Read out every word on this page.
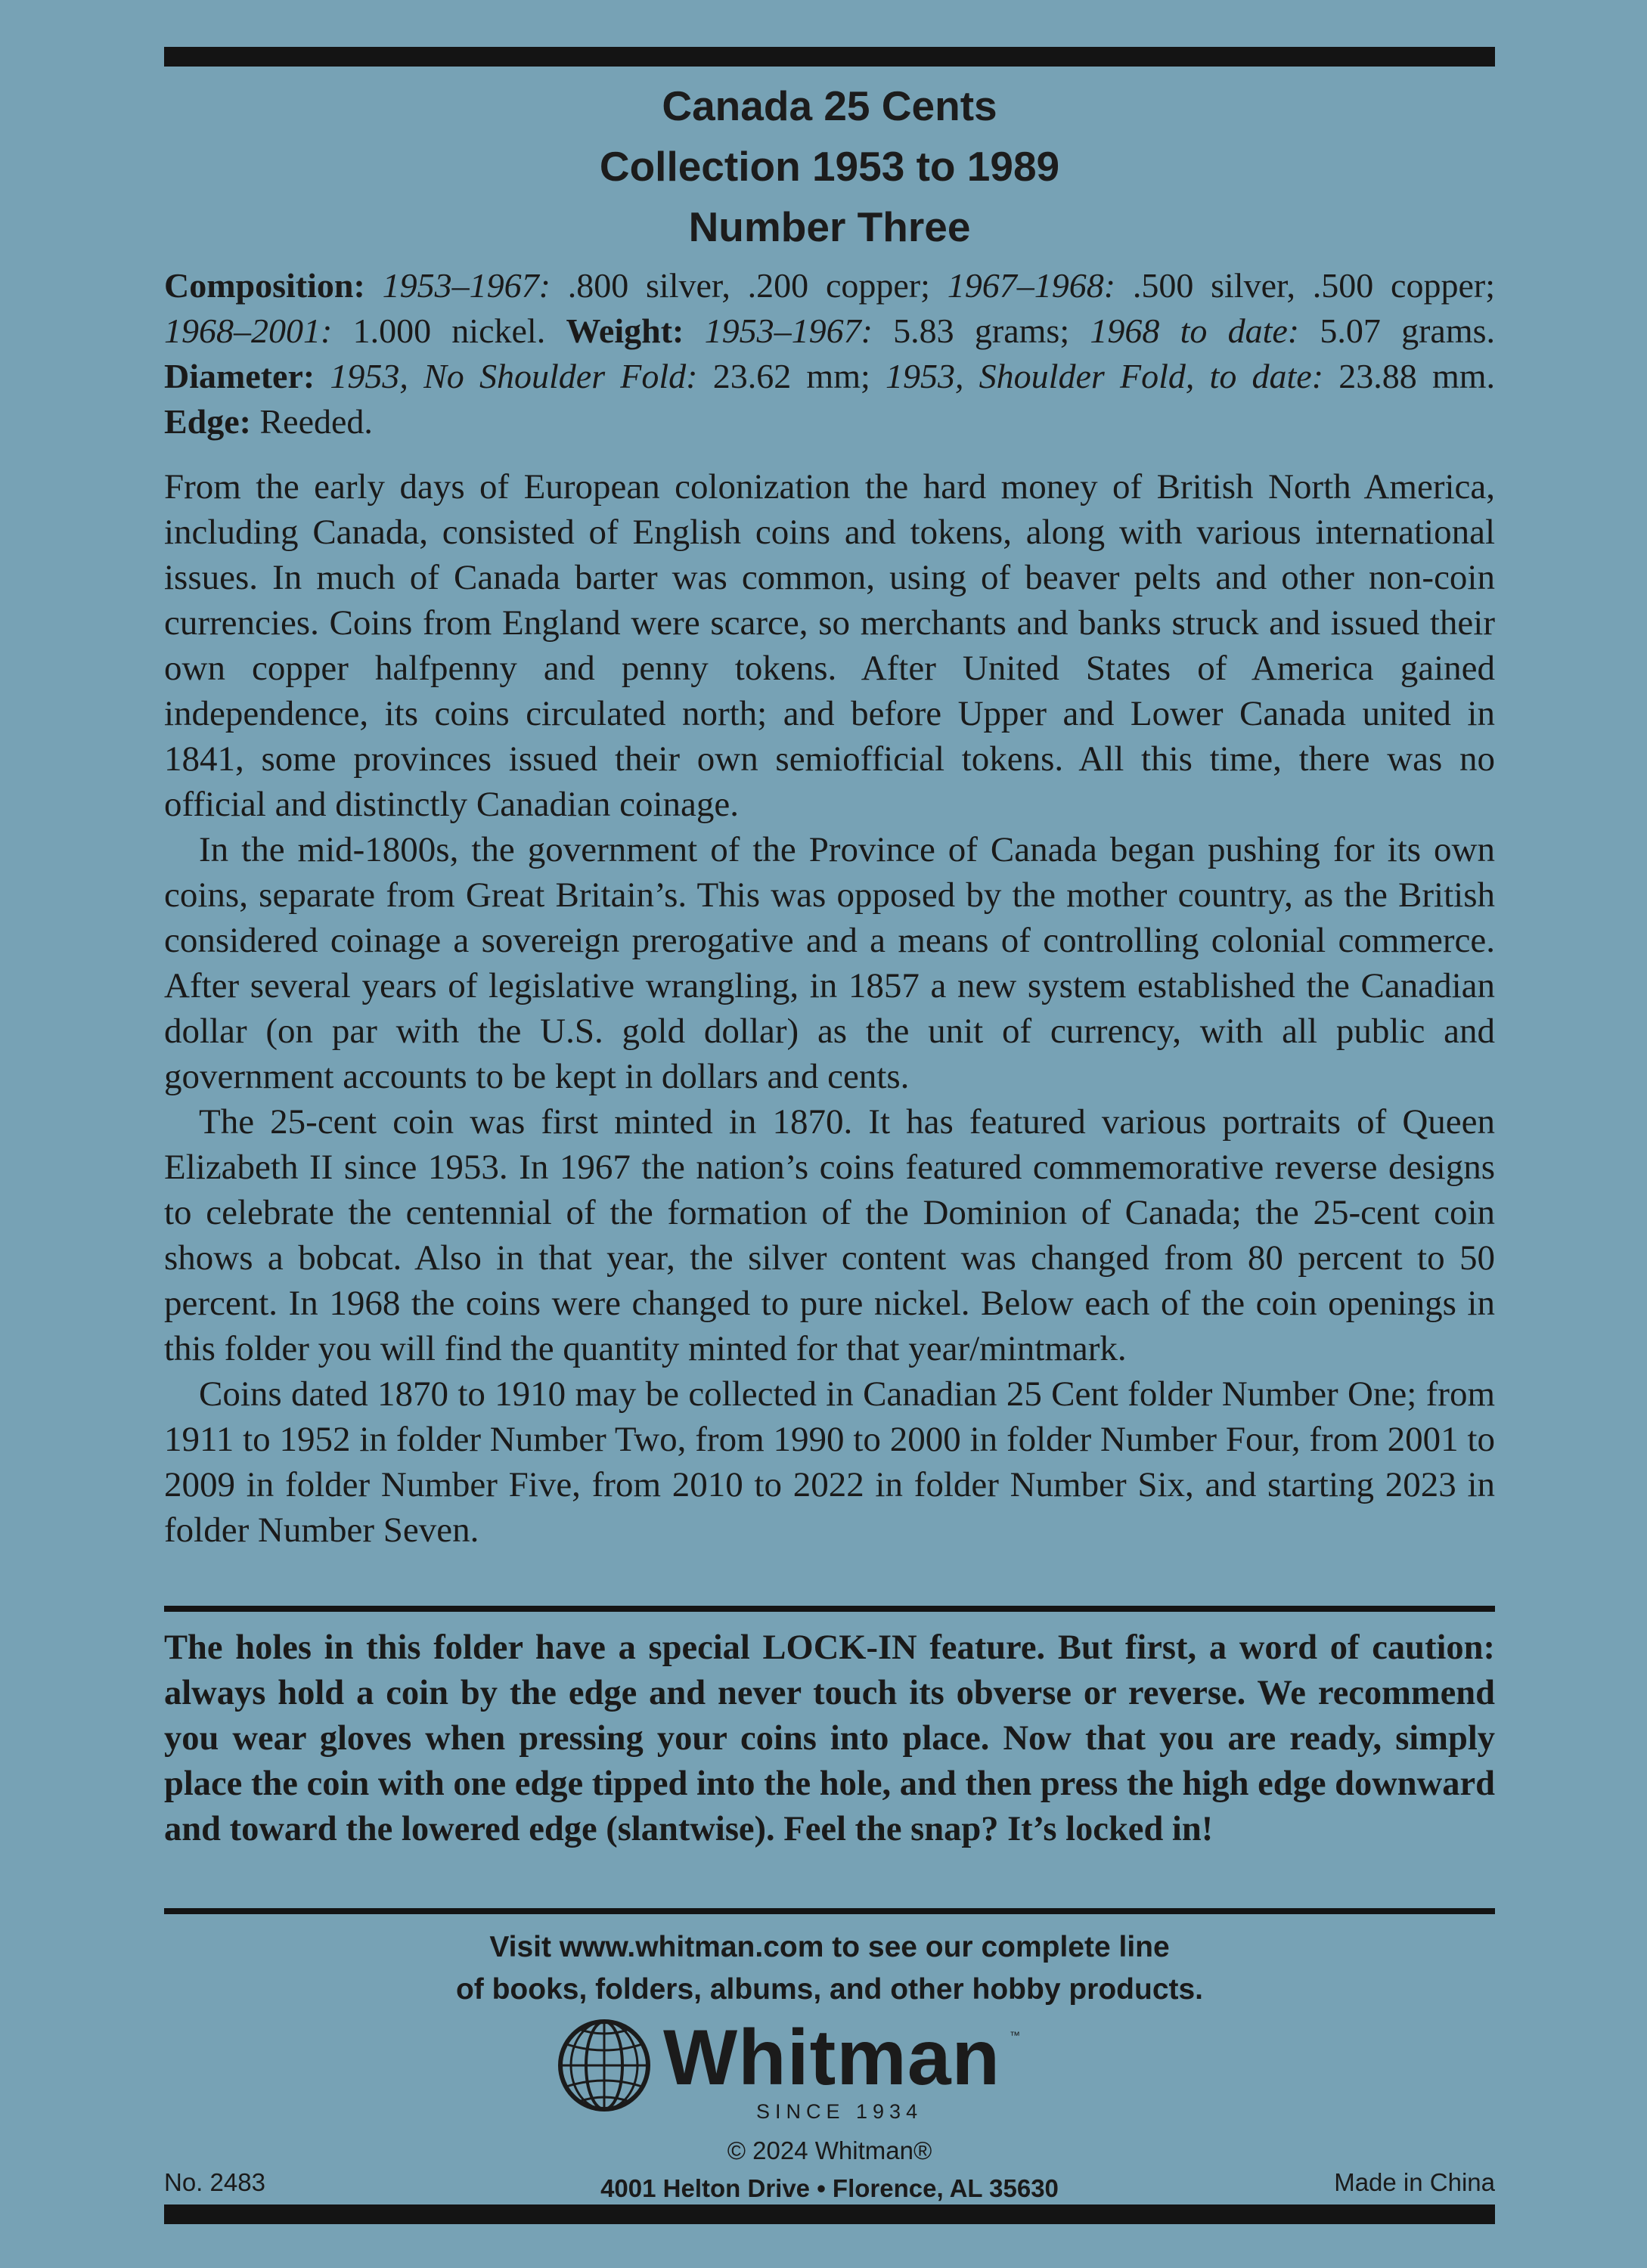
Canada 25 Cents
Collection 1953 to 1989
Number Three
Composition: 1953–1967: .800 silver, .200 copper; 1967–1968: .500 silver, .500 copper; 1968–2001: 1.000 nickel. Weight: 1953–1967: 5.83 grams; 1968 to date: 5.07 grams. Diameter: 1953, No Shoulder Fold: 23.62 mm; 1953, Shoulder Fold, to date: 23.88 mm. Edge: Reeded.

From the early days of European colonization the hard money of British North America, including Canada, consisted of English coins and tokens, along with various international issues. In much of Canada barter was common, using of beaver pelts and other non-coin currencies. Coins from England were scarce, so merchants and banks struck and issued their own copper halfpenny and penny tokens. After United States of America gained independence, its coins circulated north; and before Upper and Lower Canada united in 1841, some provinces issued their own semiofficial tokens. All this time, there was no official and distinctly Canadian coinage.

In the mid-1800s, the government of the Province of Canada began pushing for its own coins, separate from Great Britain’s. This was opposed by the mother country, as the British considered coinage a sovereign prerogative and a means of controlling colonial commerce. After several years of legislative wrangling, in 1857 a new system established the Canadian dollar (on par with the U.S. gold dollar) as the unit of currency, with all public and government accounts to be kept in dollars and cents.

The 25-cent coin was first minted in 1870. It has featured various portraits of Queen Elizabeth II since 1953. In 1967 the nation’s coins featured commemorative reverse designs to celebrate the centennial of the formation of the Dominion of Canada; the 25-cent coin shows a bobcat. Also in that year, the silver content was changed from 80 percent to 50 percent. In 1968 the coins were changed to pure nickel. Below each of the coin openings in this folder you will find the quantity minted for that year/mintmark.

Coins dated 1870 to 1910 may be collected in Canadian 25 Cent folder Number One; from 1911 to 1952 in folder Number Two, from 1990 to 2000 in folder Number Four, from 2001 to 2009 in folder Number Five, from 2010 to 2022 in folder Number Six, and starting 2023 in folder Number Seven.

The holes in this folder have a special LOCK-IN feature. But first, a word of caution: always hold a coin by the edge and never touch its obverse or reverse. We recommend you wear gloves when pressing your coins into place. Now that you are ready, simply place the coin with one edge tipped into the hole, and then press the high edge downward and toward the lowered edge (slantwise). Feel the snap? It’s locked in!
Visit www.whitman.com to see our complete line
of books, folders, albums, and other hobby products.
Whitman ™
SINCE 1934
© 2024 Whitman®
4001 Helton Drive • Florence, AL 35630
No. 2483	Made in China
